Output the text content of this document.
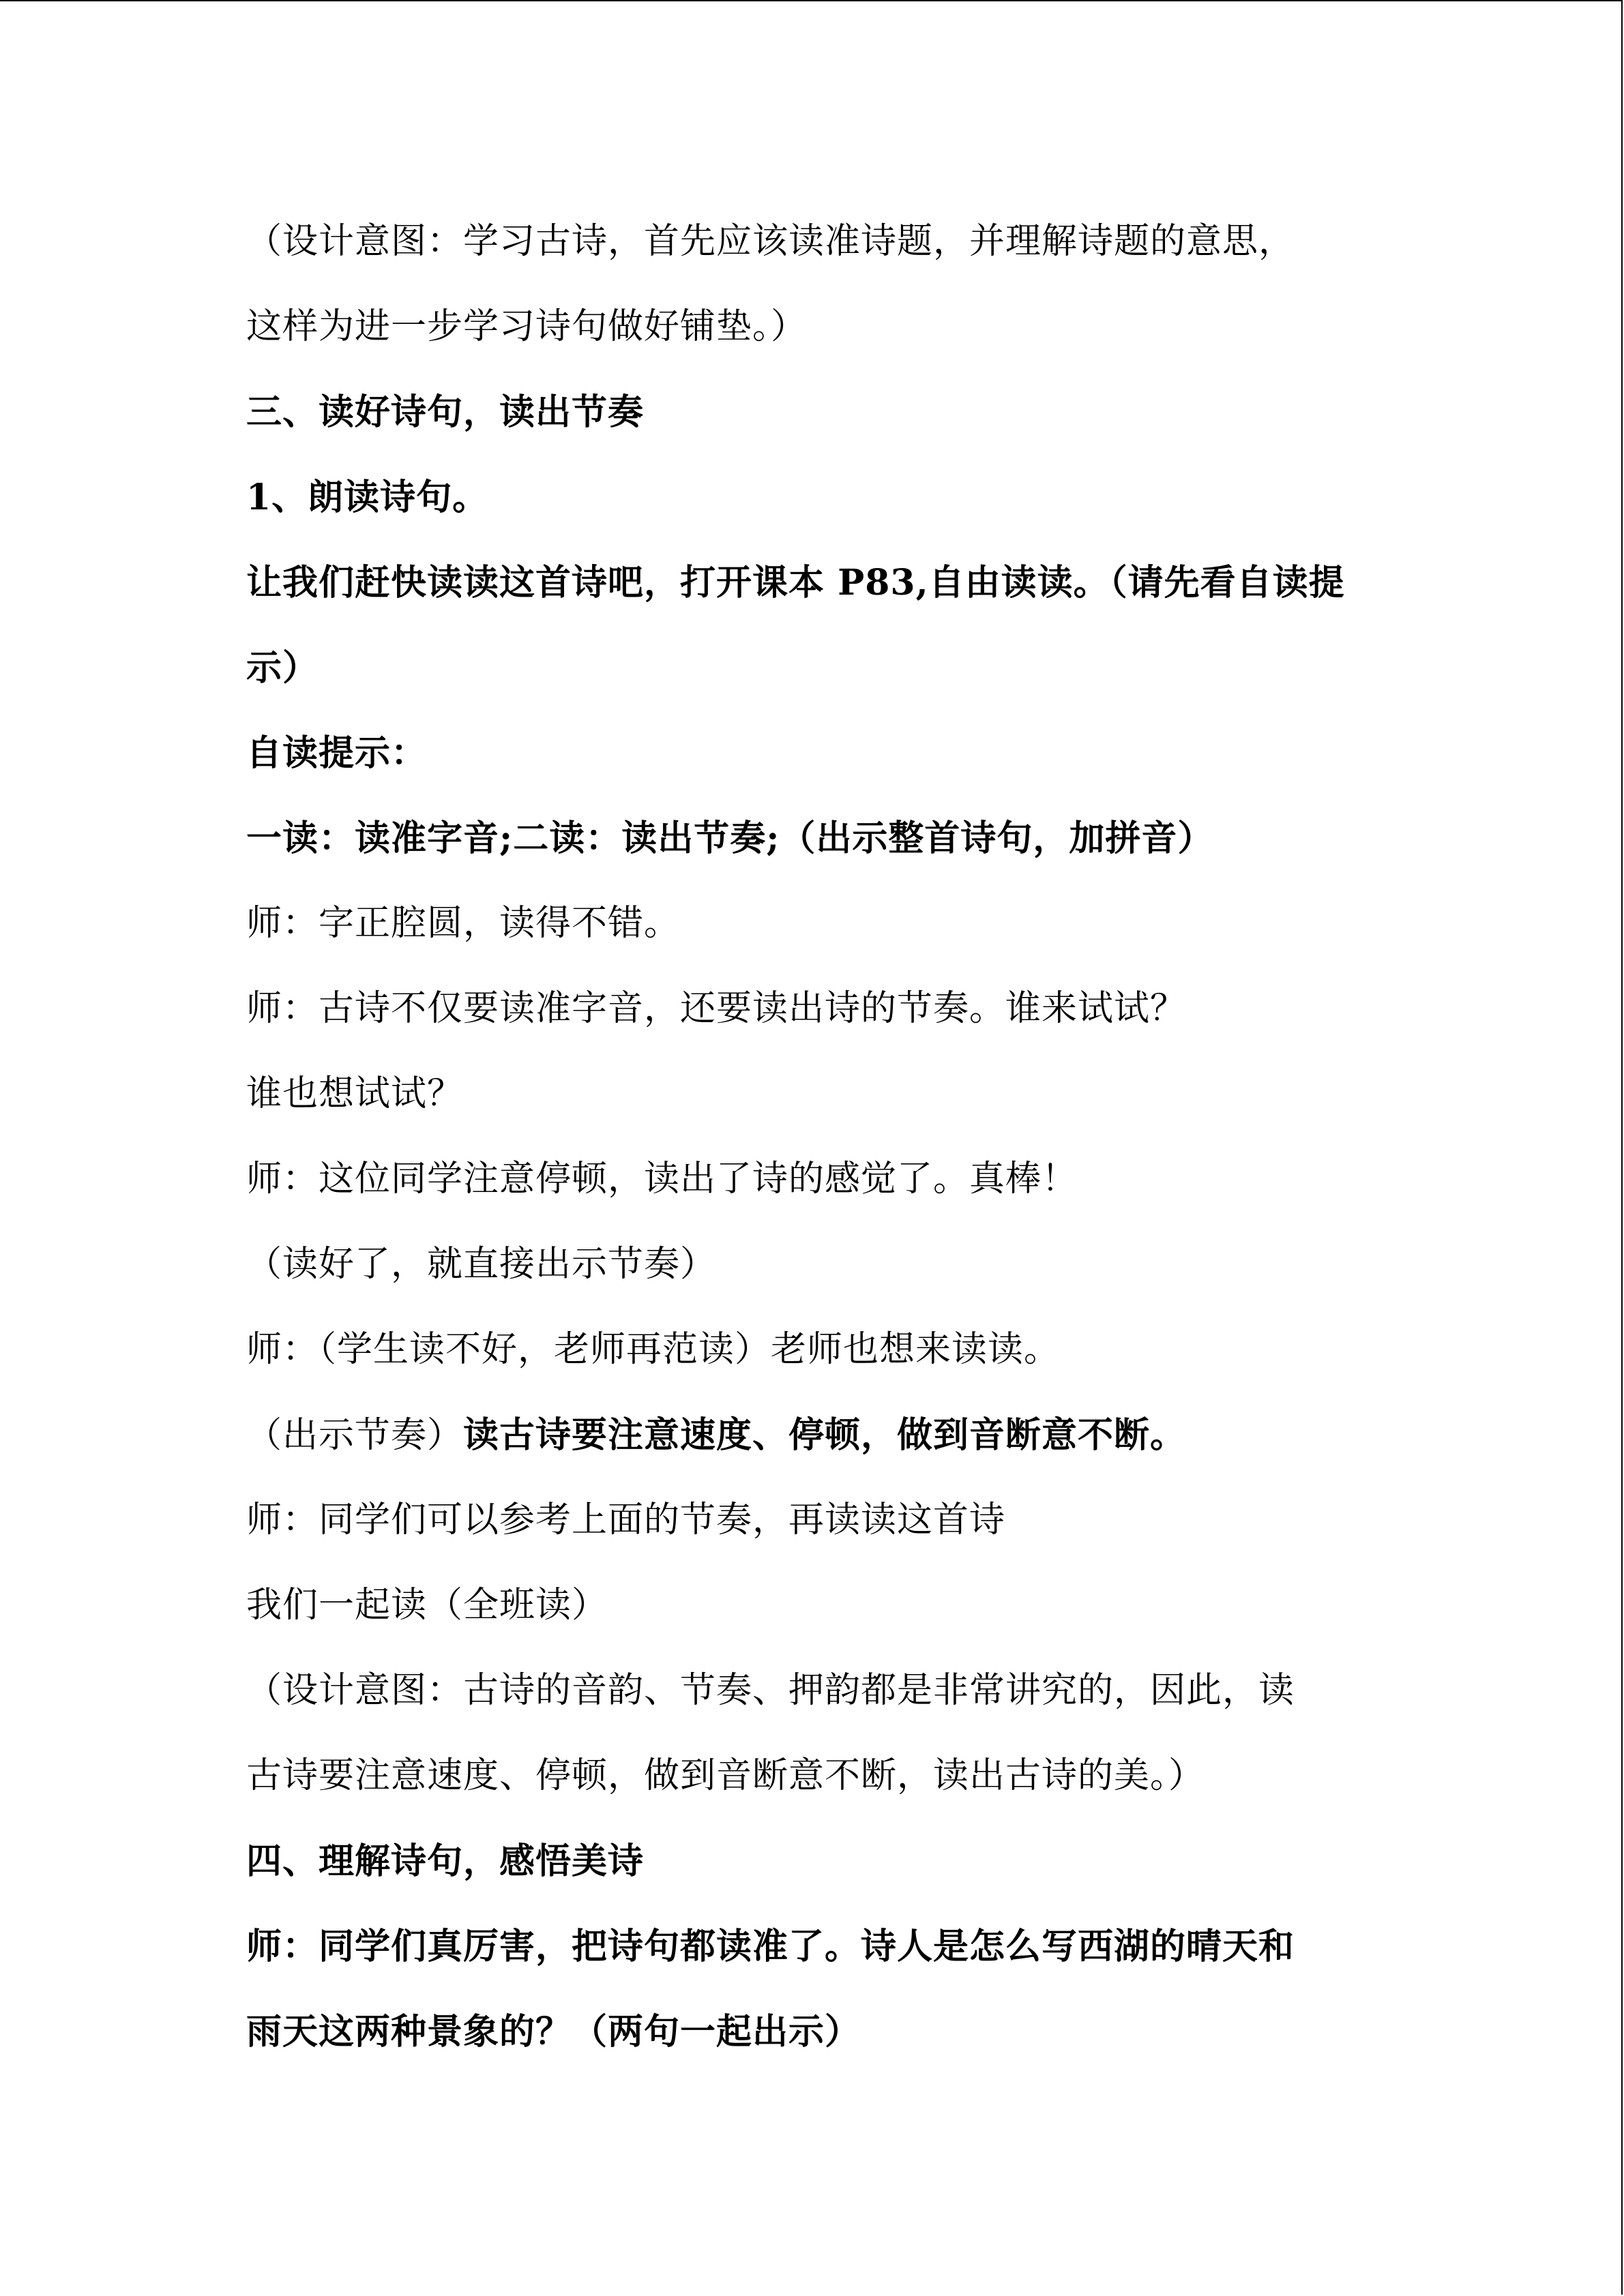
（设计意图：学习古诗，首先应该读准诗题，并理解诗题的意思，
这样为进一步学习诗句做好铺垫。）
三、读好诗句，读出节奏
1、朗读诗句。
让我们赶快读读这首诗吧，打开课本 P83,自由读读。（请先看自读提
示）
自读提示：
一读：读准字音;二读：读出节奏;（出示整首诗句，加拼音）
师：字正腔圆，读得不错。
师：古诗不仅要读准字音，还要读出诗的节奏。谁来试试？
谁也想试试？
师：这位同学注意停顿，读出了诗的感觉了。真棒！
（读好了，就直接出示节奏）
师：（学生读不好，老师再范读）老师也想来读读。
（出示节奏）读古诗要注意速度、停顿，做到音断意不断。
师：同学们可以参考上面的节奏，再读读这首诗
我们一起读（全班读）
（设计意图：古诗的音韵、节奏、押韵都是非常讲究的，因此，读
古诗要注意速度、停顿，做到音断意不断，读出古诗的美。）
四、理解诗句，感悟美诗
师：同学们真厉害，把诗句都读准了。诗人是怎么写西湖的晴天和
雨天这两种景象的？（两句一起出示）
